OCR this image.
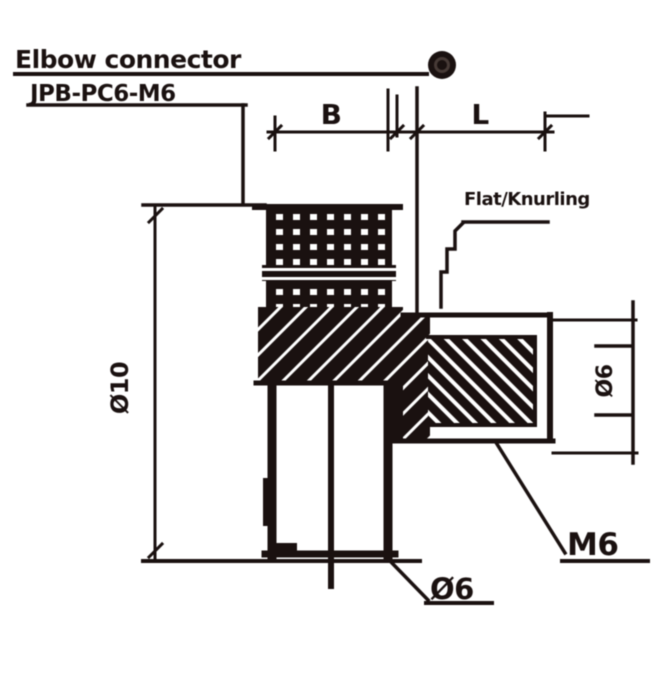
Elbow connector
JPB-PC6-M6
B	L
Ø10
Flat/Knurling
Ø6
M6
Ø6
